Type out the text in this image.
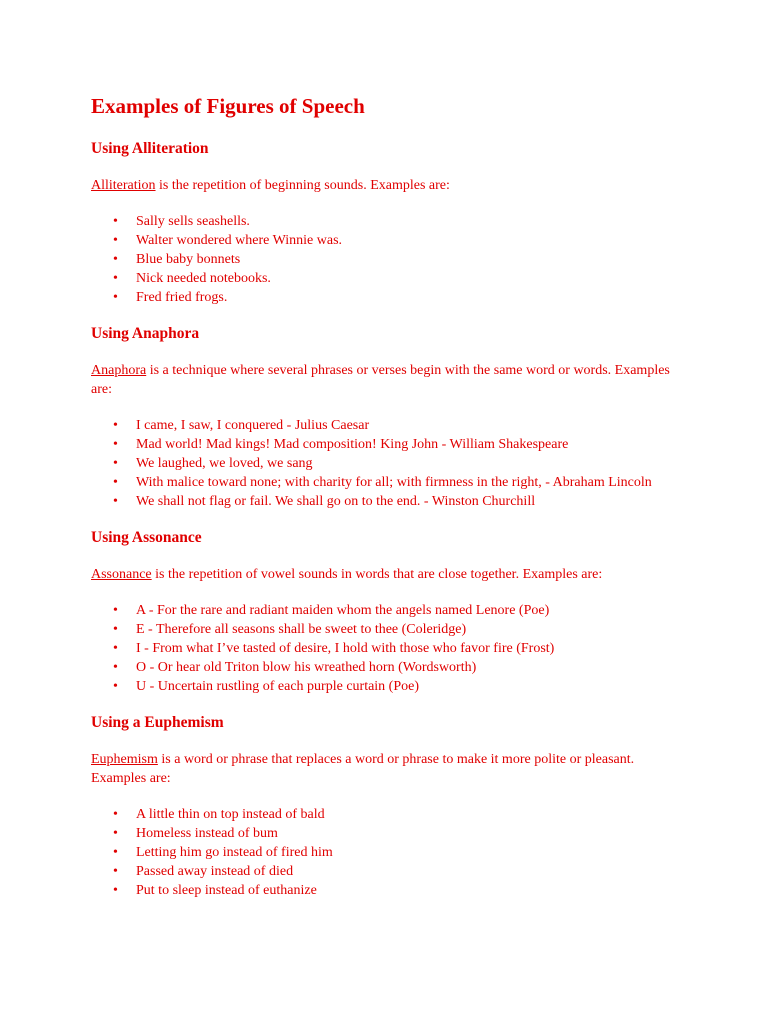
Examples of Figures of Speech
Using Alliteration

Alliteration is the repetition of beginning sounds. Examples are:

• Sally sells seashells.
• Walter wondered where Winnie was.
• Blue baby bonnets
• Nick needed notebooks.
• Fred fried frogs.
Using Anaphora

Anaphora is a technique where several phrases or verses begin with the same word or words. Examples are:

• I came, I saw, I conquered - Julius Caesar
• Mad world! Mad kings! Mad composition! King John - William Shakespeare
• We laughed, we loved, we sang
• With malice toward none; with charity for all; with firmness in the right, - Abraham Lincoln
• We shall not flag or fail. We shall go on to the end. - Winston Churchill
Using Assonance

Assonance is the repetition of vowel sounds in words that are close together. Examples are:

• A - For the rare and radiant maiden whom the angels named Lenore (Poe)
• E - Therefore all seasons shall be sweet to thee (Coleridge)
• I - From what I’ve tasted of desire, I hold with those who favor fire (Frost)
• O - Or hear old Triton blow his wreathed horn (Wordsworth)
• U - Uncertain rustling of each purple curtain (Poe)
Using a Euphemism

Euphemism is a word or phrase that replaces a word or phrase to make it more polite or pleasant. Examples are:

• A little thin on top instead of bald
• Homeless instead of bum
• Letting him go instead of fired him
• Passed away instead of died
• Put to sleep instead of euthanize
